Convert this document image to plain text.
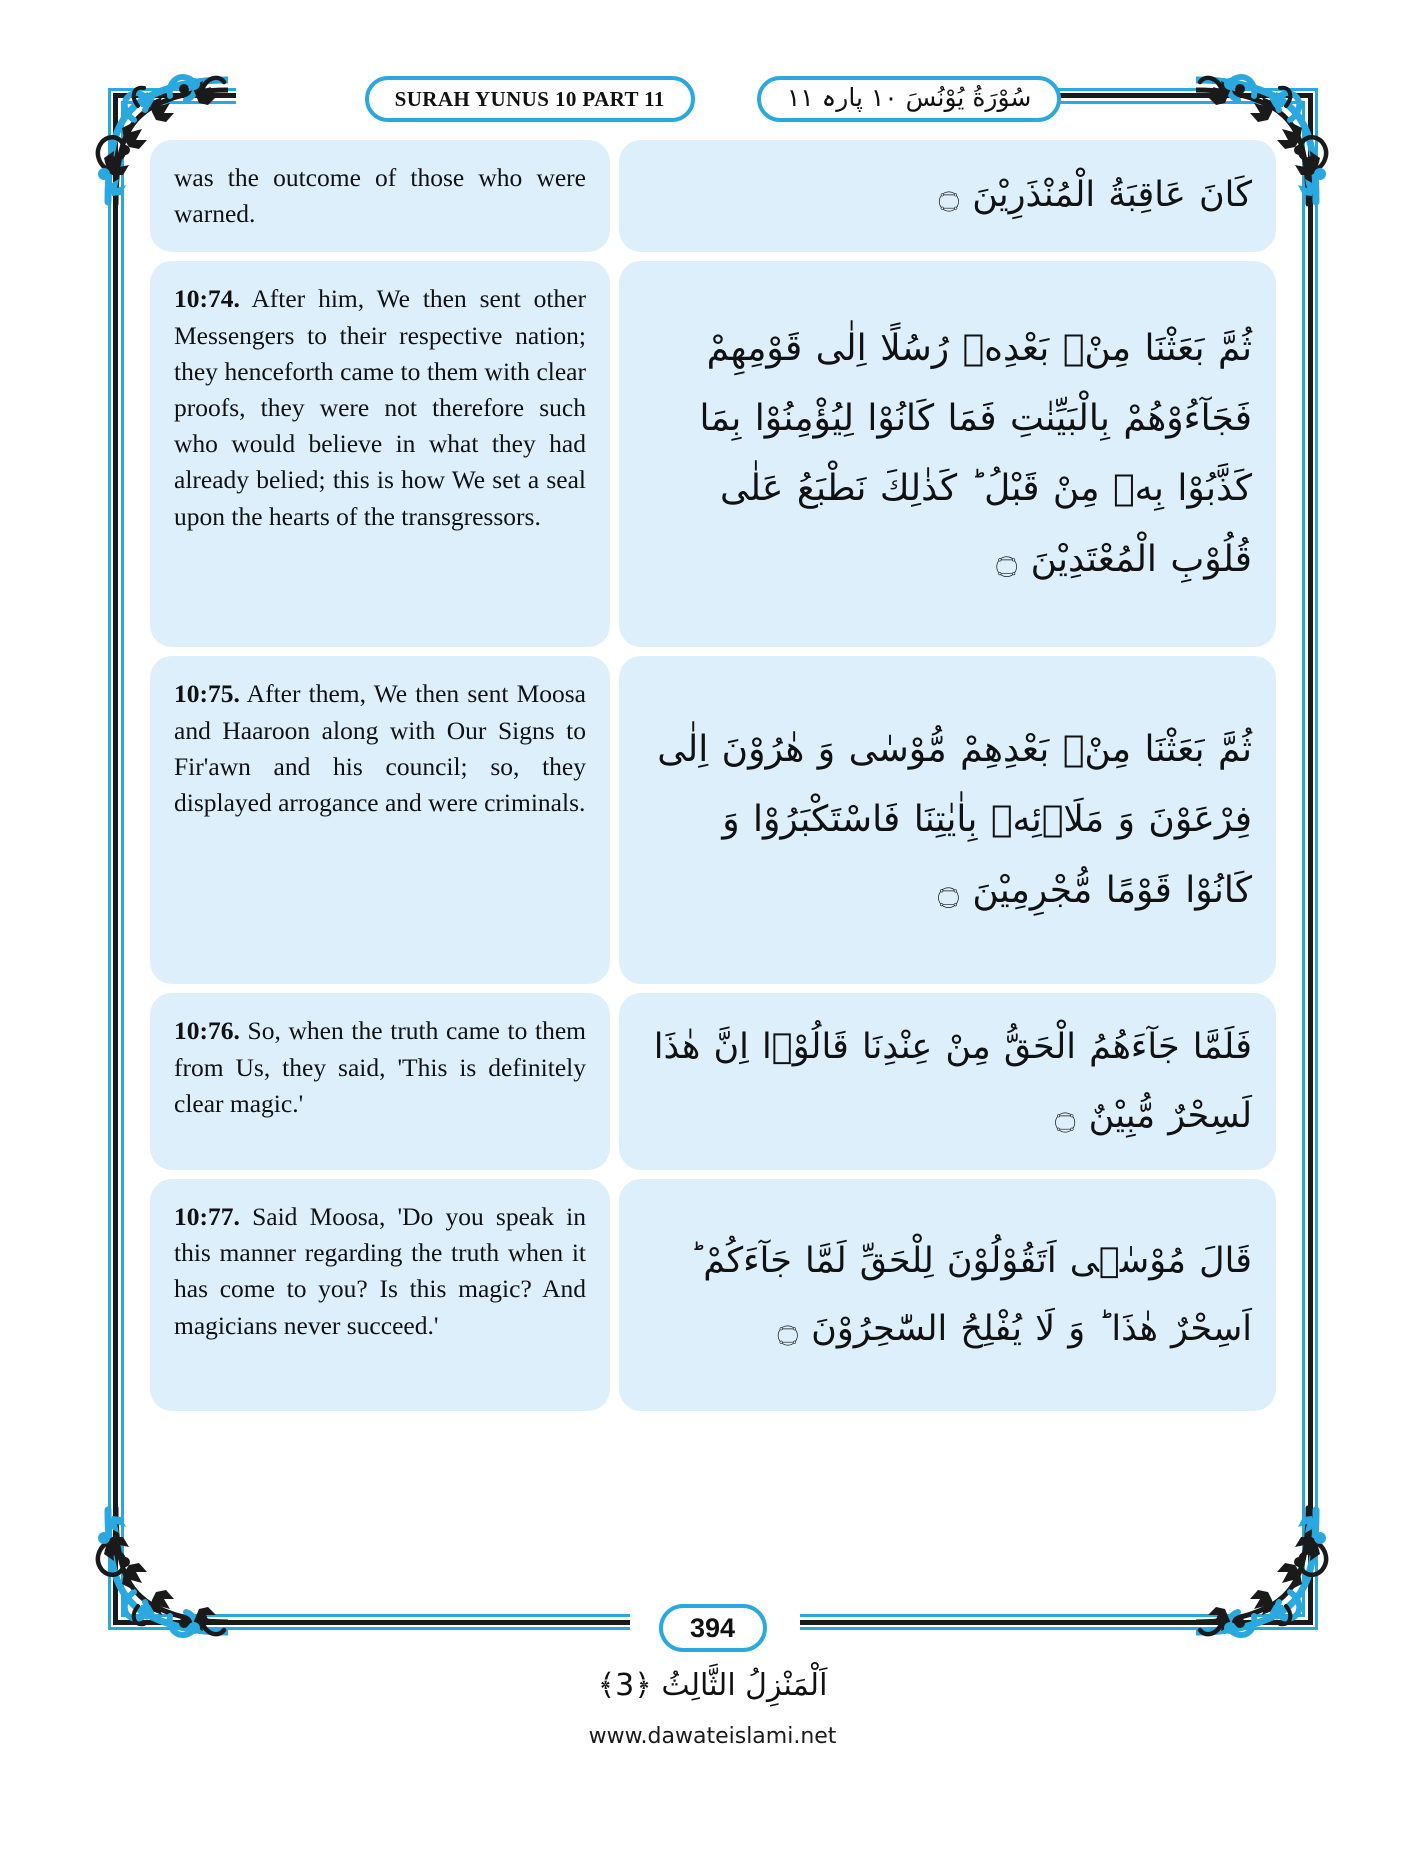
SURAH YUNUS 10 PART 11	سُوْرَةُ یُوْنُسَ ۱۰ پارہ ۱۱
was the outcome of those who were warned.	كَانَ عَاقِبَةُ الْمُنْذَرِيْنَ ۝
10:74. After him, We then sent other Messengers to their respective nation; they henceforth came to them with clear proofs, they were not therefore such who would believe in what they had already belied; this is how We set a seal upon the hearts of the transgressors.
ثُمَّ بَعَثْنَا مِنْۢ بَعْدِهٖ رُسُلًا اِلٰى قَوْمِهِمْ فَجَآءُوْهُمْ بِالْبَيِّنٰتِ فَمَا كَانُوْا لِيُؤْمِنُوْا بِمَا كَذَّبُوْا بِهٖ مِنْ قَبْلُ ؕ كَذٰلِكَ نَطْبَعُ عَلٰى قُلُوْبِ الْمُعْتَدِيْنَ ۝
10:75. After them, We then sent Moosa and Haaroon along with Our Signs to Fir'awn and his council; so, they displayed arrogance and were criminals.
ثُمَّ بَعَثْنَا مِنْۢ بَعْدِهِمْ مُّوْسٰى وَ هٰرُوْنَ اِلٰى فِرْعَوْنَ وَ مَلَاۡئِهٖ بِاٰيٰتِنَا فَاسْتَكْبَرُوْا وَ كَانُوْا قَوْمًا مُّجْرِمِيْنَ ۝
10:76. So, when the truth came to them from Us, they said, 'This is definitely clear magic.'
فَلَمَّا جَآءَهُمُ الْحَقُّ مِنْ عِنْدِنَا قَالُوْۤا اِنَّ هٰذَا لَسِحْرٌ مُّبِيْنٌ ۝
10:77. Said Moosa, 'Do you speak in this manner regarding the truth when it has come to you? Is this magic? And magicians never succeed.'
قَالَ مُوْسٰۤى اَتَقُوْلُوْنَ لِلْحَقِّ لَمَّا جَآءَكُمْ ؕ اَسِحْرٌ هٰذَا ؕ وَ لَا يُفْلِحُ السّٰحِرُوْنَ ۝
394
اَلْمَنْزِلُ الثَّالِثُ ﴿3﴾
www.dawateislami.net
